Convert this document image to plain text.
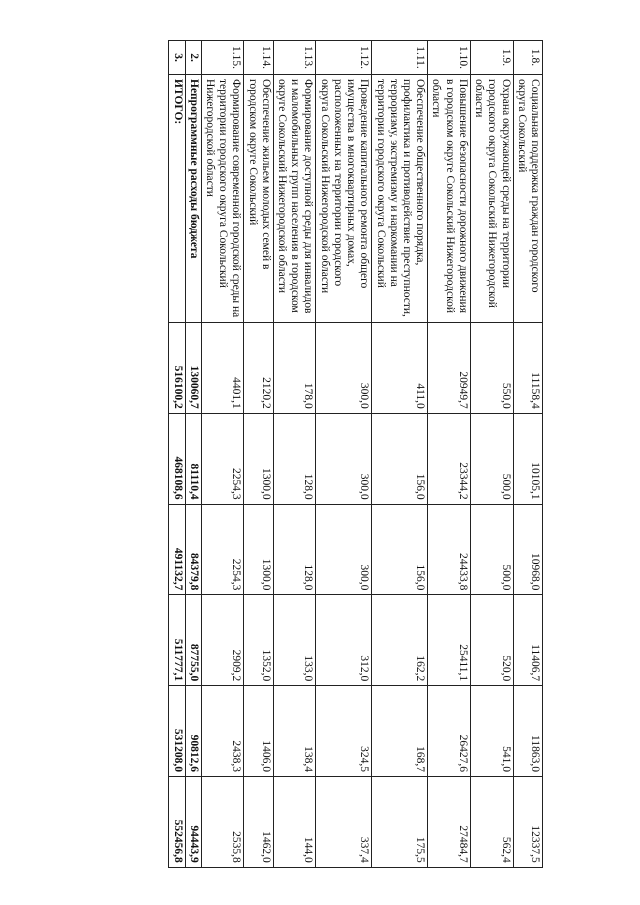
1.8.	Социальная поддержка граждан городского округа Сокольский	11158,4	10105,1	10968,0	11406,7	11863,0	12337,5
1.9.	Охрана окружающей среды на территории городского округа Сокольский Нижегородской области	550,0	500,0	500,0	520,0	541,0	562,4
1.10.	Повышение безопасности дорожного движения в городском округе Сокольский Нижегородской области	20949,7	23344,2	24433,8	25411,1	26427,6	27484,7
1.11.	Обеспечение общественного порядка, профилактика и противодействие преступности, терроризму, экстремизму и наркомании на территории городского округа Сокольский	411,0	156,0	156,0	162,2	168,7	175,5
1.12.	Проведение капитального ремонта общего имущества в многоквартирных домах, расположенных на территории городского округа Сокольский Нижегородской области	300,0	300,0	300,0	312,0	324,5	337,4
1.13.	Формирование доступной среды для инвалидов и маломобильных групп населения в городском округе Сокольский Нижегородской области	178,0	128,0	128,0	133,0	138,4	144,0
1.14.	Обеспечение жильем молодых семей в городском округе Сокольский	2120,2	1300,0	1300,0	1352,0	1406,0	1462,0
1.15.	Формирование современной городской среды на территории городского округа Сокольский Нижегородской области	4401,1	2254,3	2254,3	2909,2	2438,3	2535,8
2.	Непрограммные расходы бюджета	130060,7	81110,4	84379,8	87755,0	90812,6	94443,9
3.	ИТОГО:	516100,2	468108,6	491132,7	511777,1	531208,0	552456,8
